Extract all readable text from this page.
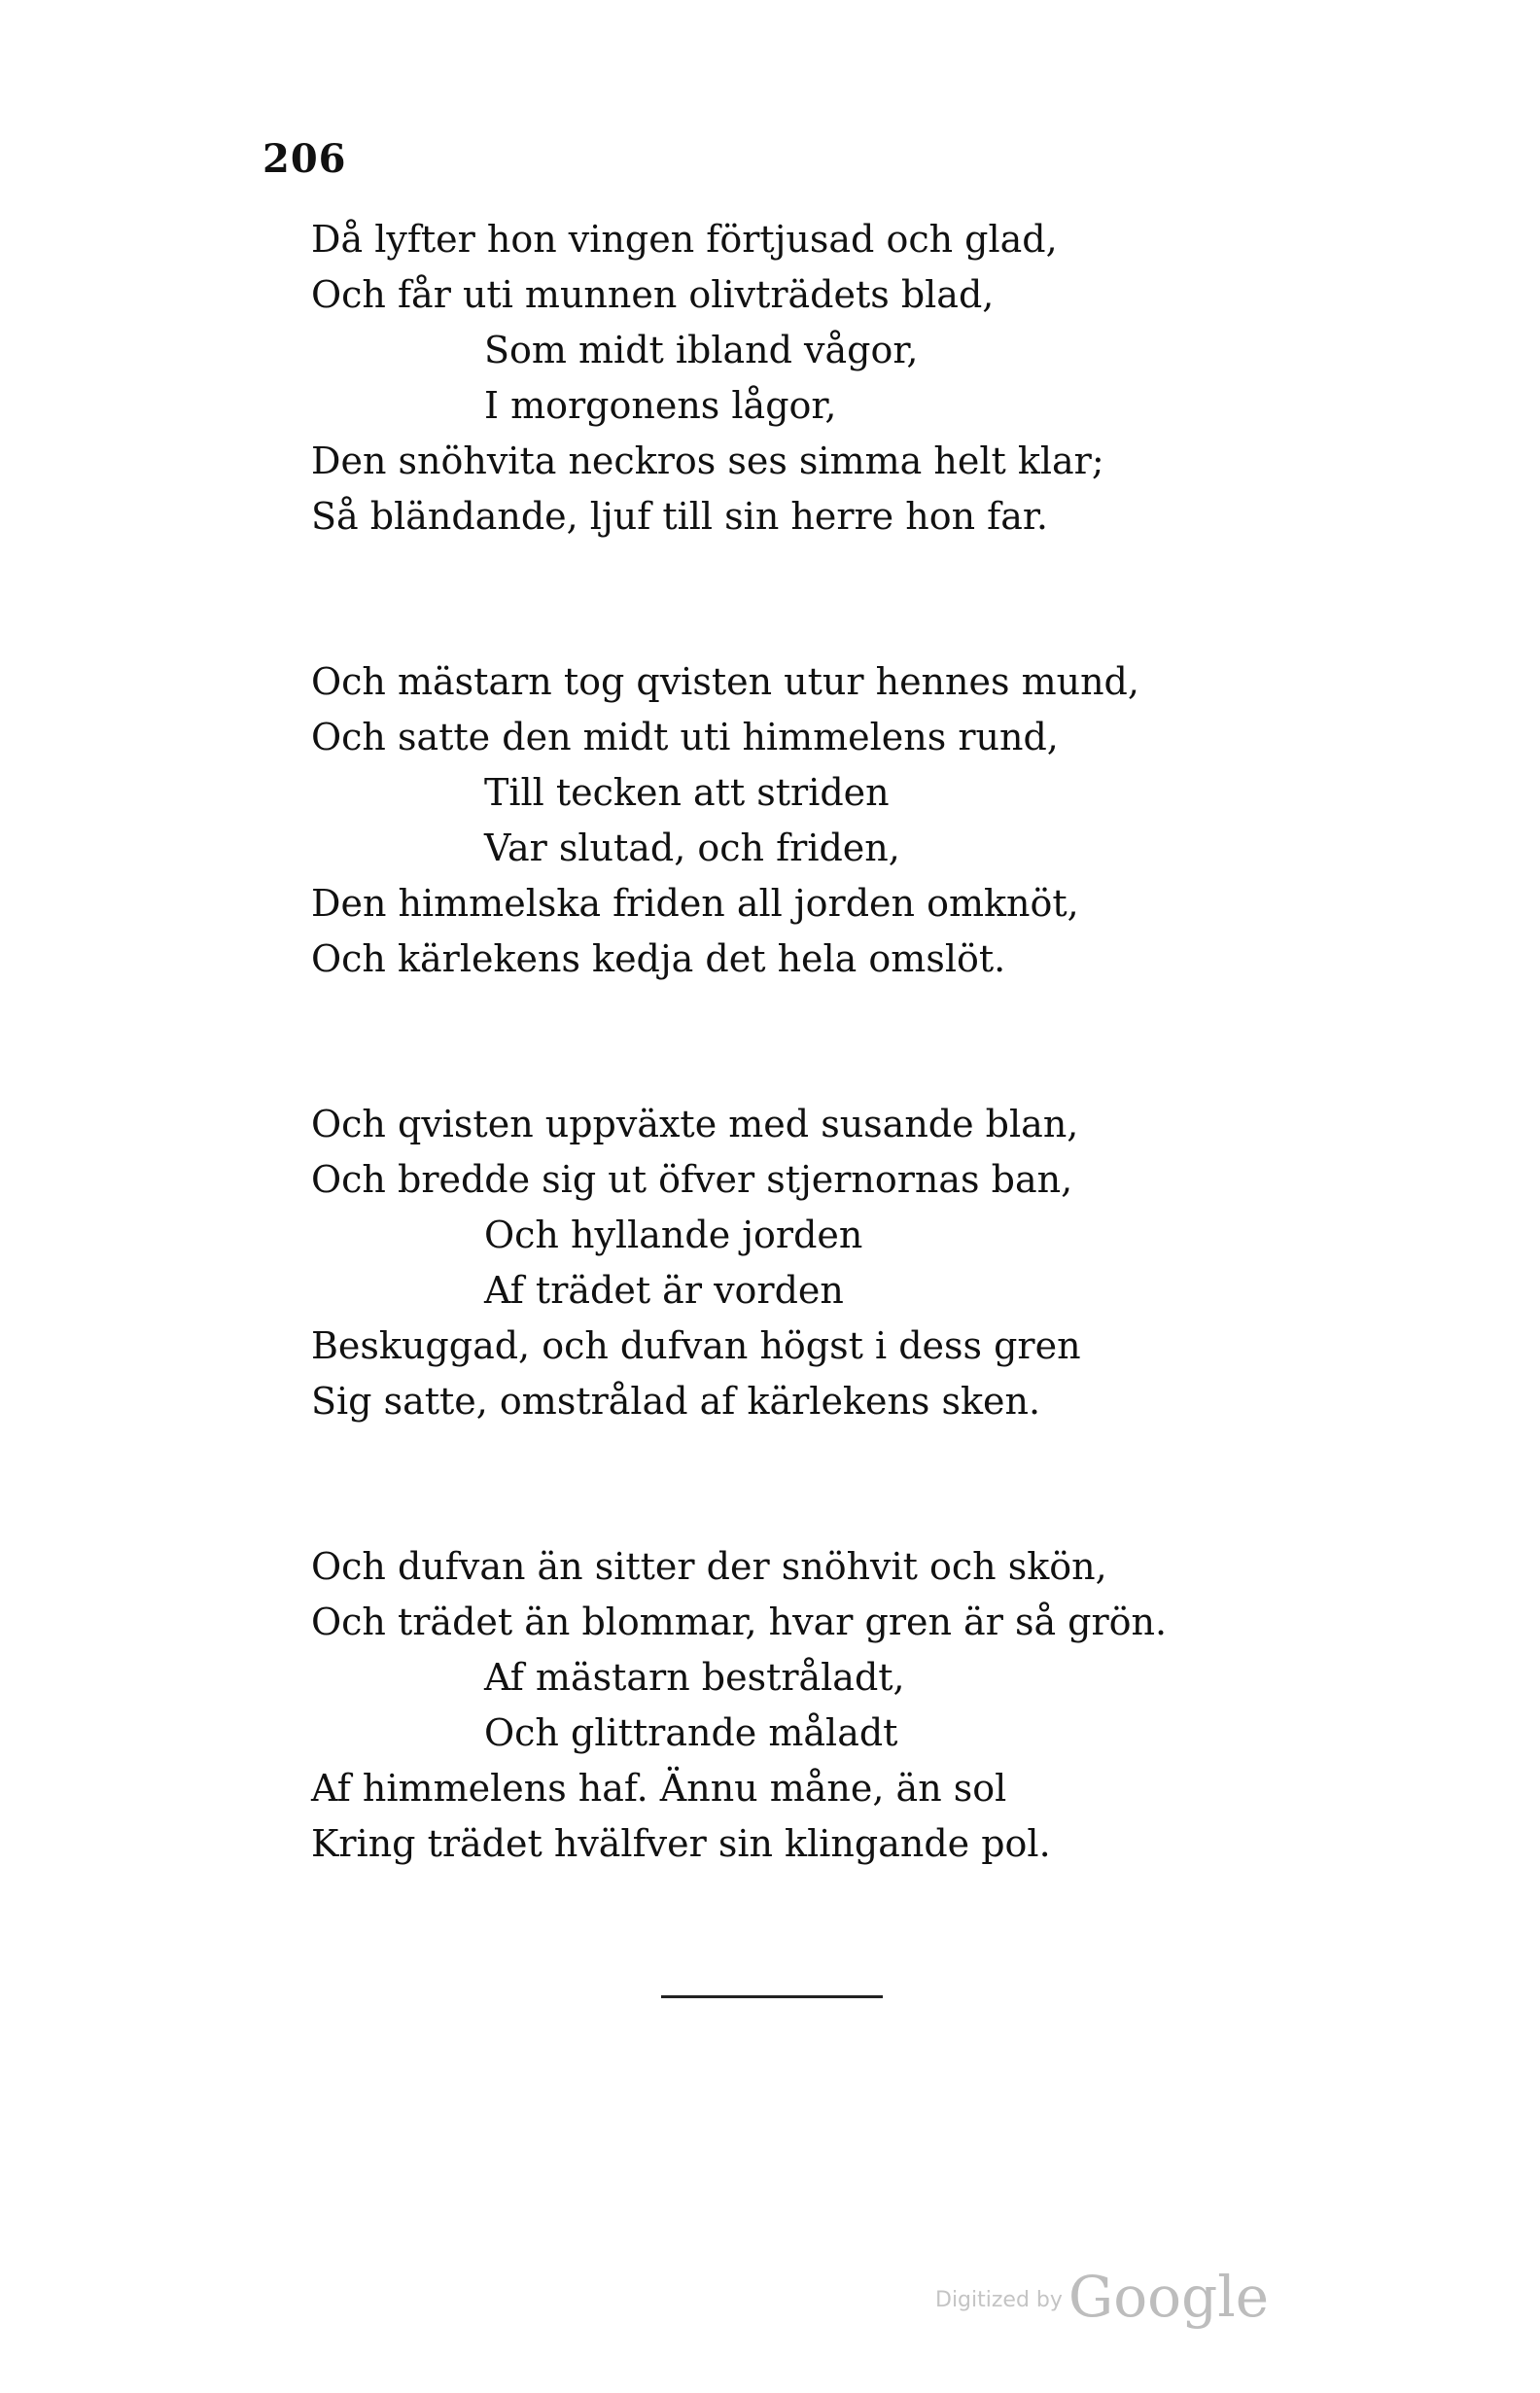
206
Då lyfter hon vingen förtjusad och glad,
Och får uti munnen olivträdets blad,
Som midt ibland vågor,
I morgonens lågor,
Den snöhvita neckros ses simma helt klar;
Så bländande, ljuf till sin herre hon far.
Och mästarn tog qvisten utur hennes mund,
Och satte den midt uti himmelens rund,
Till tecken att striden
Var slutad, och friden,
Den himmelska friden all jorden omknöt,
Och kärlekens kedja det hela omslöt.
Och qvisten uppväxte med susande blan,
Och bredde sig ut öfver stjernornas ban,
Och hyllande jorden
Af trädet är vorden
Beskuggad, och dufvan högst i dess gren
Sig satte, omstrålad af kärlekens sken.
Och dufvan än sitter der snöhvit och skön,
Och trädet än blommar, hvar gren är så grön.
Af mästarn bestråladt,
Och glittrande måladt
Af himmelens haf. Ännu måne, än sol
Kring trädet hvälfver sin klingande pol.
Digitized by Google
